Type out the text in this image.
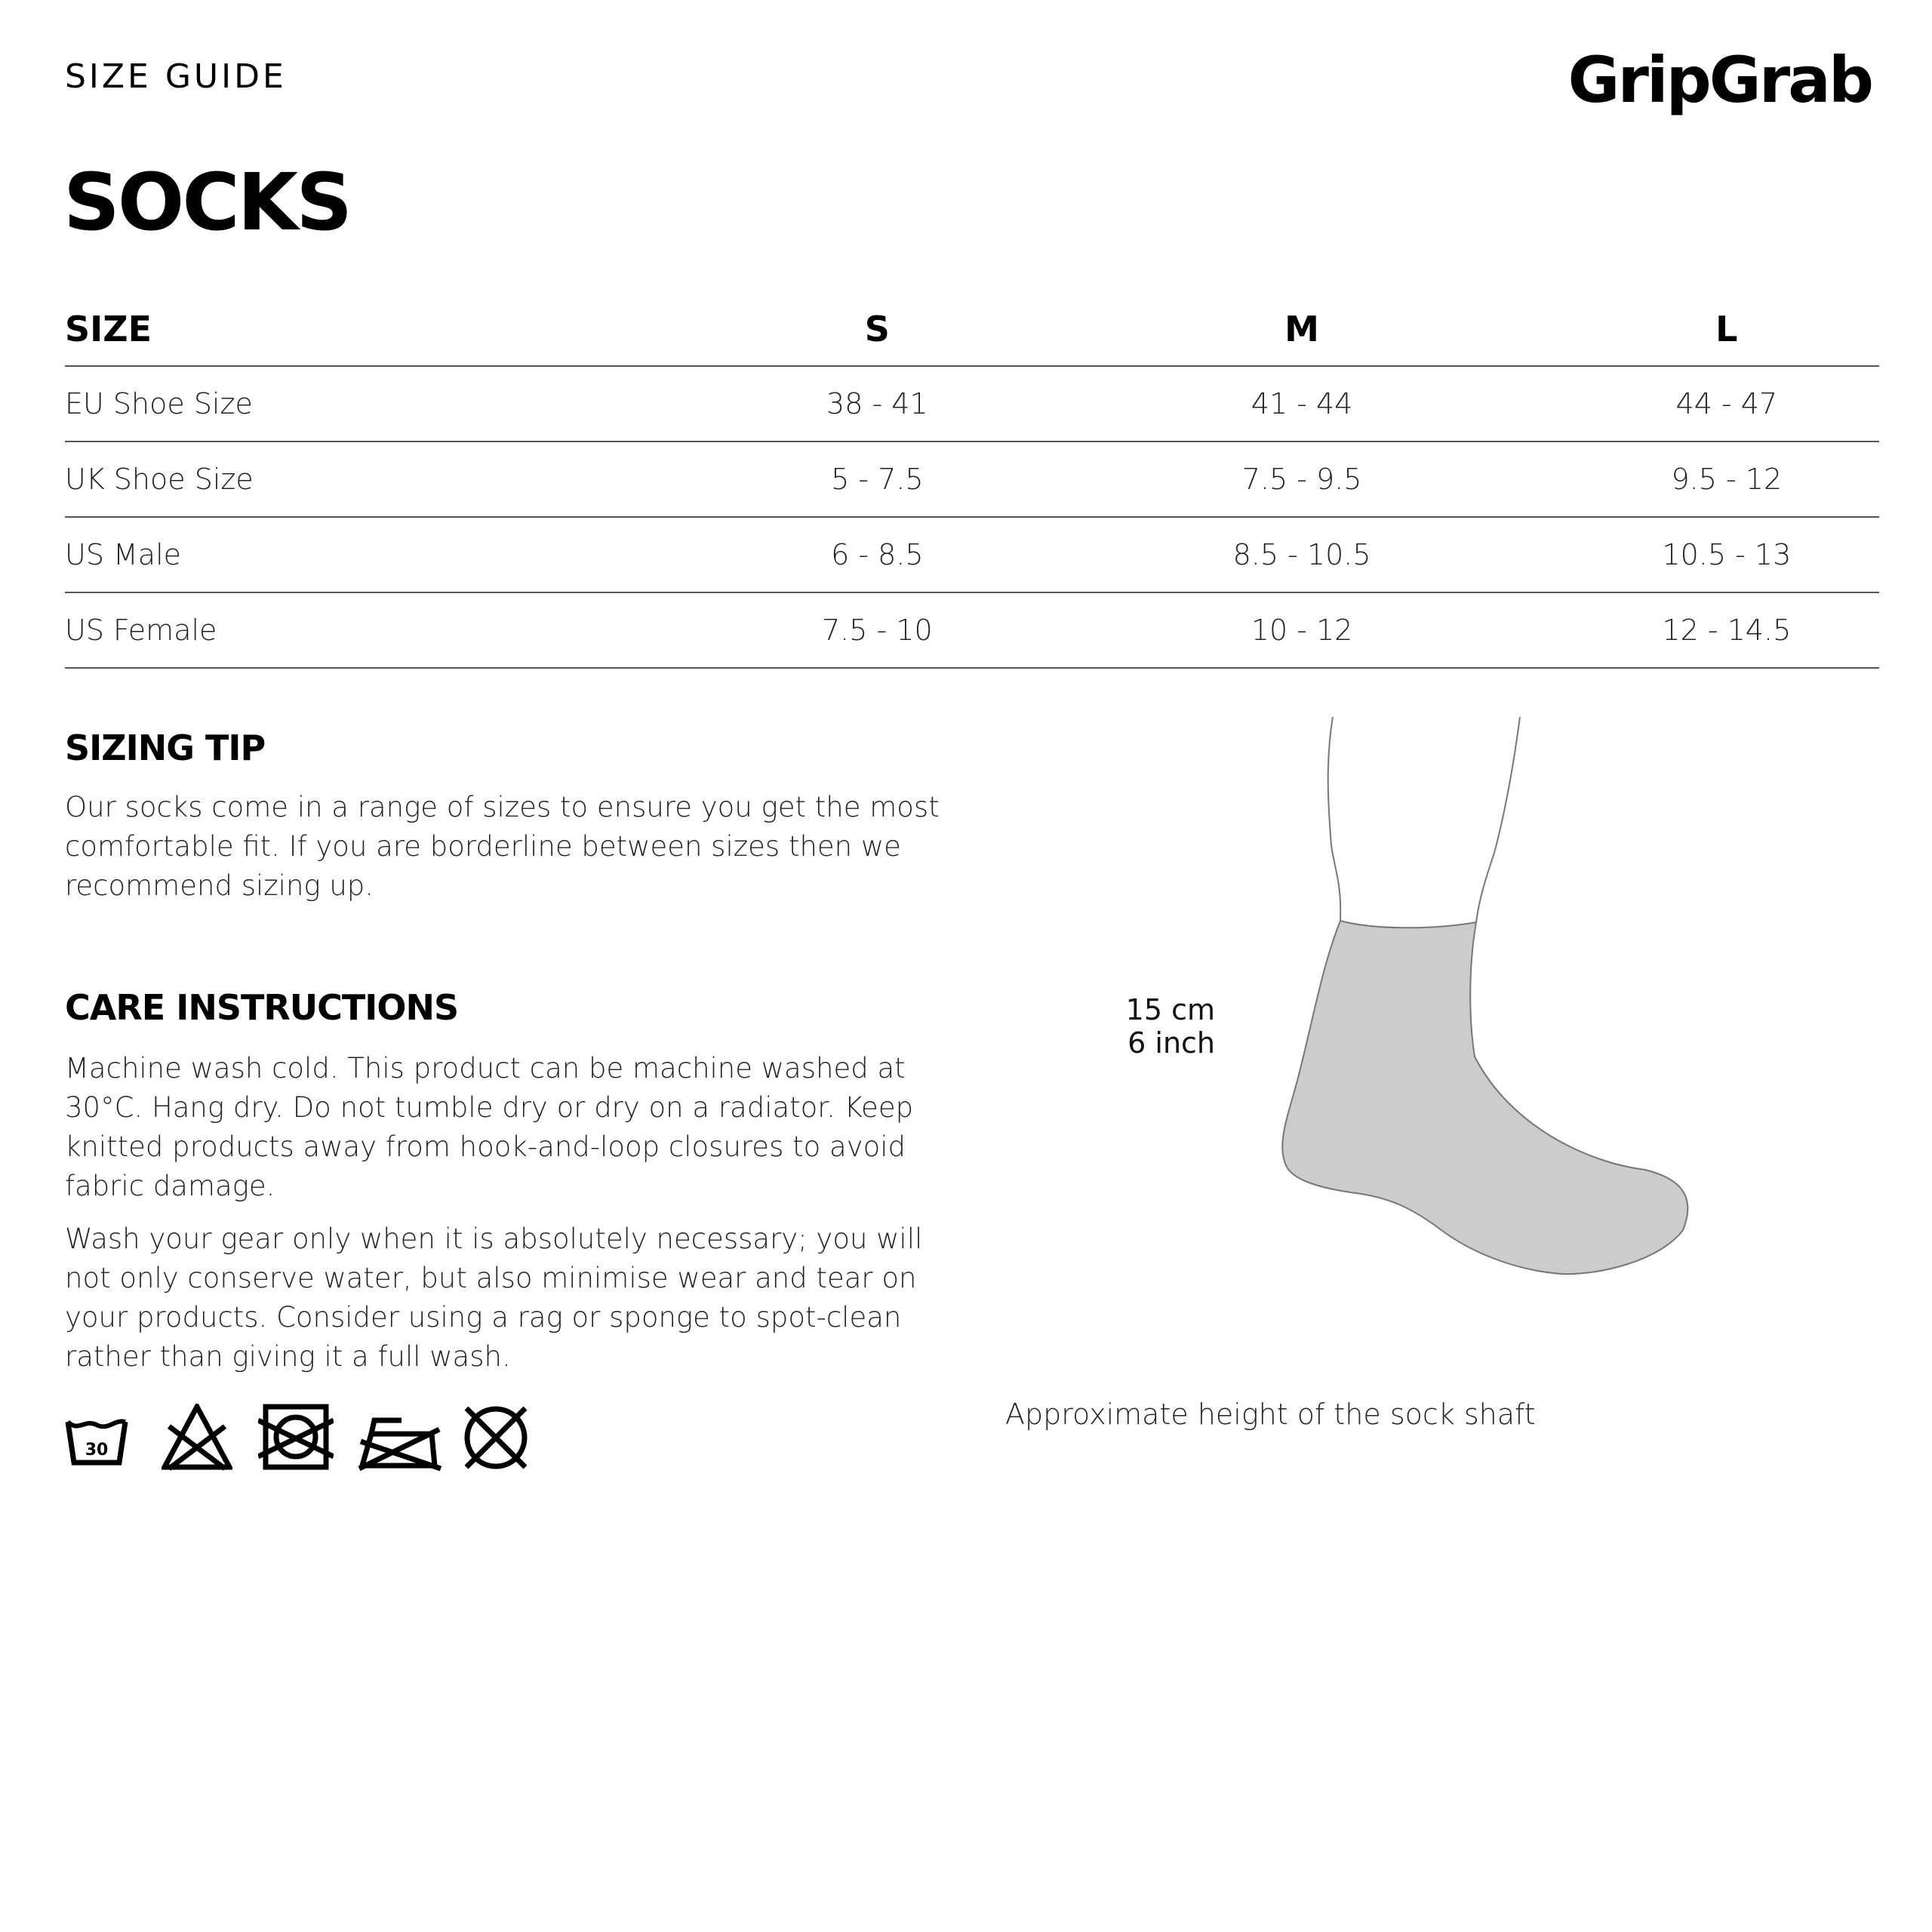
SIZE GUIDE	GripGrab
SOCKS
SIZE	S	M	L
EU Shoe Size	38 - 41	41 - 44	44 - 47
UK Shoe Size	5 - 7.5	7.5 - 9.5	9.5 - 12
US Male	6 - 8.5	8.5 - 10.5	10.5 - 13
US Female	7.5 - 10	10 - 12	12 - 14.5
SIZING TIP
Our socks come in a range of sizes to ensure you get the most comfortable fit. If you are borderline between sizes then we recommend sizing up.
CARE INSTRUCTIONS
Machine wash cold. This product can be machine washed at 30°C. Hang dry. Do not tumble dry or dry on a radiator. Keep knitted products away from hook-and-loop closures to avoid fabric damage.
Wash your gear only when it is absolutely necessary; you will not only conserve water, but also minimise wear and tear on your products. Consider using a rag or sponge to spot-clean rather than giving it a full wash.
30
15 cm
6 inch
Approximate height of the sock shaft
